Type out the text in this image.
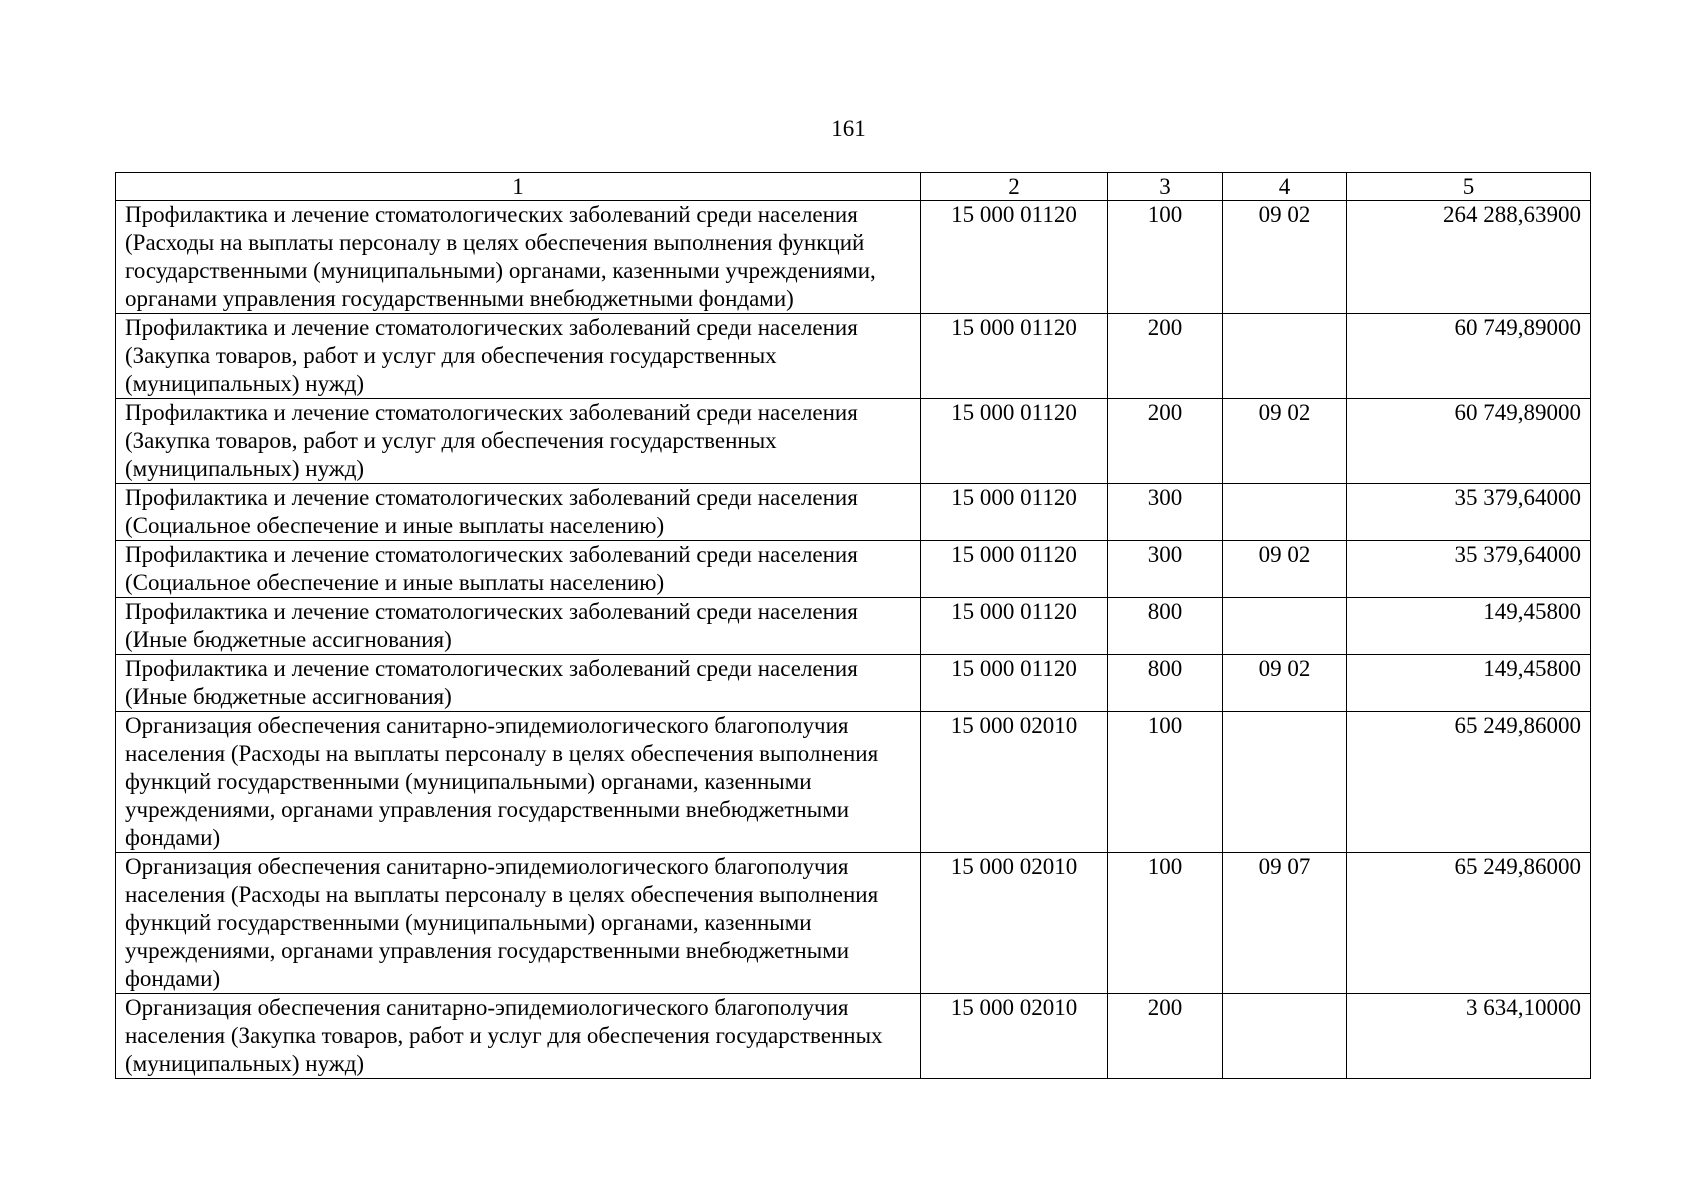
161
1	2	3	4	5
Профилактика и лечение стоматологических заболеваний среди населения (Расходы на выплаты персоналу в целях обеспечения выполнения функций государственными (муниципальными) органами, казенными учреждениями, органами управления государственными внебюджетными фондами)	15 000 01120	100	09 02	264 288,63900
Профилактика и лечение стоматологических заболеваний среди населения (Закупка товаров, работ и услуг для обеспечения государственных (муниципальных) нужд)	15 000 01120	200		60 749,89000
Профилактика и лечение стоматологических заболеваний среди населения (Закупка товаров, работ и услуг для обеспечения государственных (муниципальных) нужд)	15 000 01120	200	09 02	60 749,89000
Профилактика и лечение стоматологических заболеваний среди населения (Социальное обеспечение и иные выплаты населению)	15 000 01120	300		35 379,64000
Профилактика и лечение стоматологических заболеваний среди населения (Социальное обеспечение и иные выплаты населению)	15 000 01120	300	09 02	35 379,64000
Профилактика и лечение стоматологических заболеваний среди населения (Иные бюджетные ассигнования)	15 000 01120	800		149,45800
Профилактика и лечение стоматологических заболеваний среди населения (Иные бюджетные ассигнования)	15 000 01120	800	09 02	149,45800
Организация обеспечения санитарно-эпидемиологического благополучия населения (Расходы на выплаты персоналу в целях обеспечения выполнения функций государственными (муниципальными) органами, казенными учреждениями, органами управления государственными внебюджетными фондами)	15 000 02010	100		65 249,86000
Организация обеспечения санитарно-эпидемиологического благополучия населения (Расходы на выплаты персоналу в целях обеспечения выполнения функций государственными (муниципальными) органами, казенными учреждениями, органами управления государственными внебюджетными фондами)	15 000 02010	100	09 07	65 249,86000
Организация обеспечения санитарно-эпидемиологического благополучия населения (Закупка товаров, работ и услуг для обеспечения государственных (муниципальных) нужд)	15 000 02010	200		3 634,10000
